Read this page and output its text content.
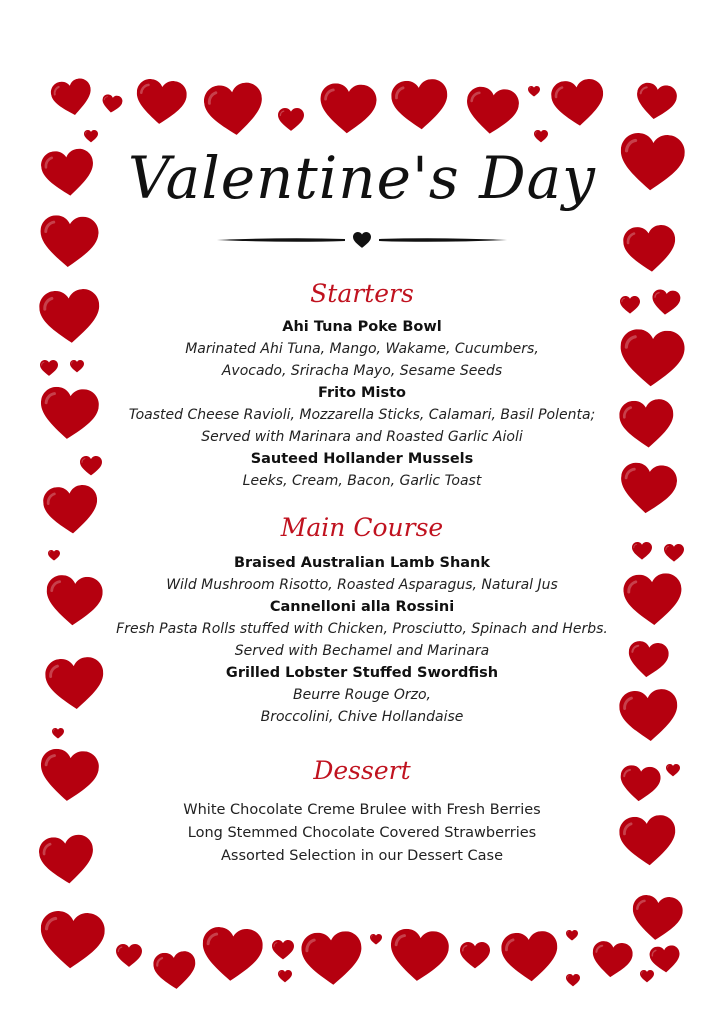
Valentine's Day
Starters
Ahi Tuna Poke Bowl
Marinated Ahi Tuna, Mango, Wakame, Cucumbers,
Avocado, Sriracha Mayo, Sesame Seeds
Frito Misto
Toasted Cheese Ravioli, Mozzarella Sticks, Calamari, Basil Polenta;
Served with Marinara and Roasted Garlic Aioli
Sauteed Hollander Mussels
Leeks, Cream, Bacon, Garlic Toast
Main Course
Braised Australian Lamb Shank
Wild Mushroom Risotto, Roasted Asparagus, Natural Jus
Cannelloni alla Rossini
Fresh Pasta Rolls stuffed with Chicken, Prosciutto, Spinach and Herbs.
Served with Bechamel and Marinara
Grilled Lobster Stuffed Swordfish
Beurre Rouge Orzo,
Broccolini, Chive Hollandaise
Dessert
White Chocolate Creme Brulee with Fresh Berries
Long Stemmed Chocolate Covered Strawberries
Assorted Selection in our Dessert Case
